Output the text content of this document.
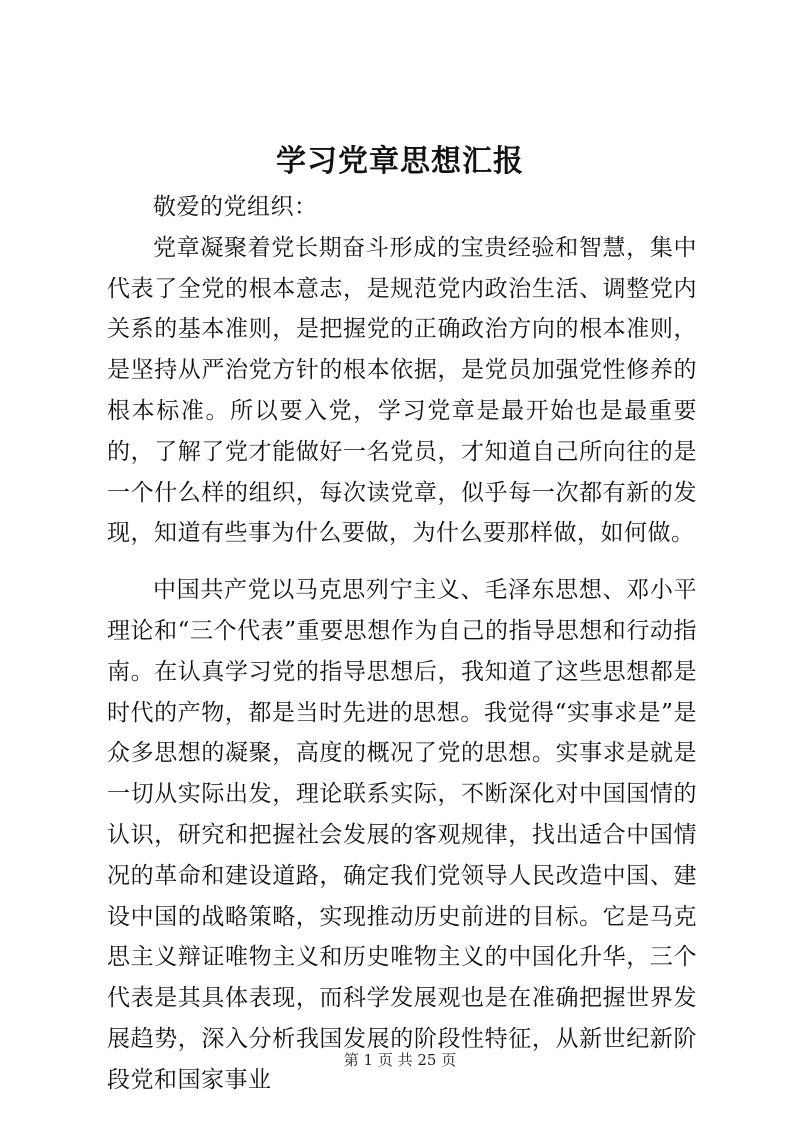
学习党章思想汇报

敬爱的党组织：

党章凝聚着党长期奋斗形成的宝贵经验和智慧，集中代表了全党的根本意志，是规范党内政治生活、调整党内关系的基本准则，是把握党的正确政治方向的根本准则，是坚持从严治党方针的根本依据，是党员加强党性修养的根本标准。所以要入党，学习党章是最开始也是最重要的，了解了党才能做好一名党员，才知道自己所向往的是一个什么样的组织，每次读党章，似乎每一次都有新的发现，知道有些事为什么要做，为什么要那样做，如何做。

中国共产党以马克思列宁主义、毛泽东思想、邓小平理论和“三个代表”重要思想作为自己的指导思想和行动指南。在认真学习党的指导思想后，我知道了这些思想都是时代的产物，都是当时先进的思想。我觉得“实事求是”是众多思想的凝聚，高度的概况了党的思想。实事求是就是一切从实际出发，理论联系实际，不断深化对中国国情的认识，研究和把握社会发展的客观规律，找出适合中国情况的革命和建设道路，确定我们党领导人民改造中国、建设中国的战略策略，实现推动历史前进的目标。它是马克思主义辩证唯物主义和历史唯物主义的中国化升华，三个代表是其具体表现，而科学发展观也是在准确把握世界发展趋势，深入分析我国发展的阶段性特征，从新世纪新阶段党和国家事业

第 1 页 共 25 页
